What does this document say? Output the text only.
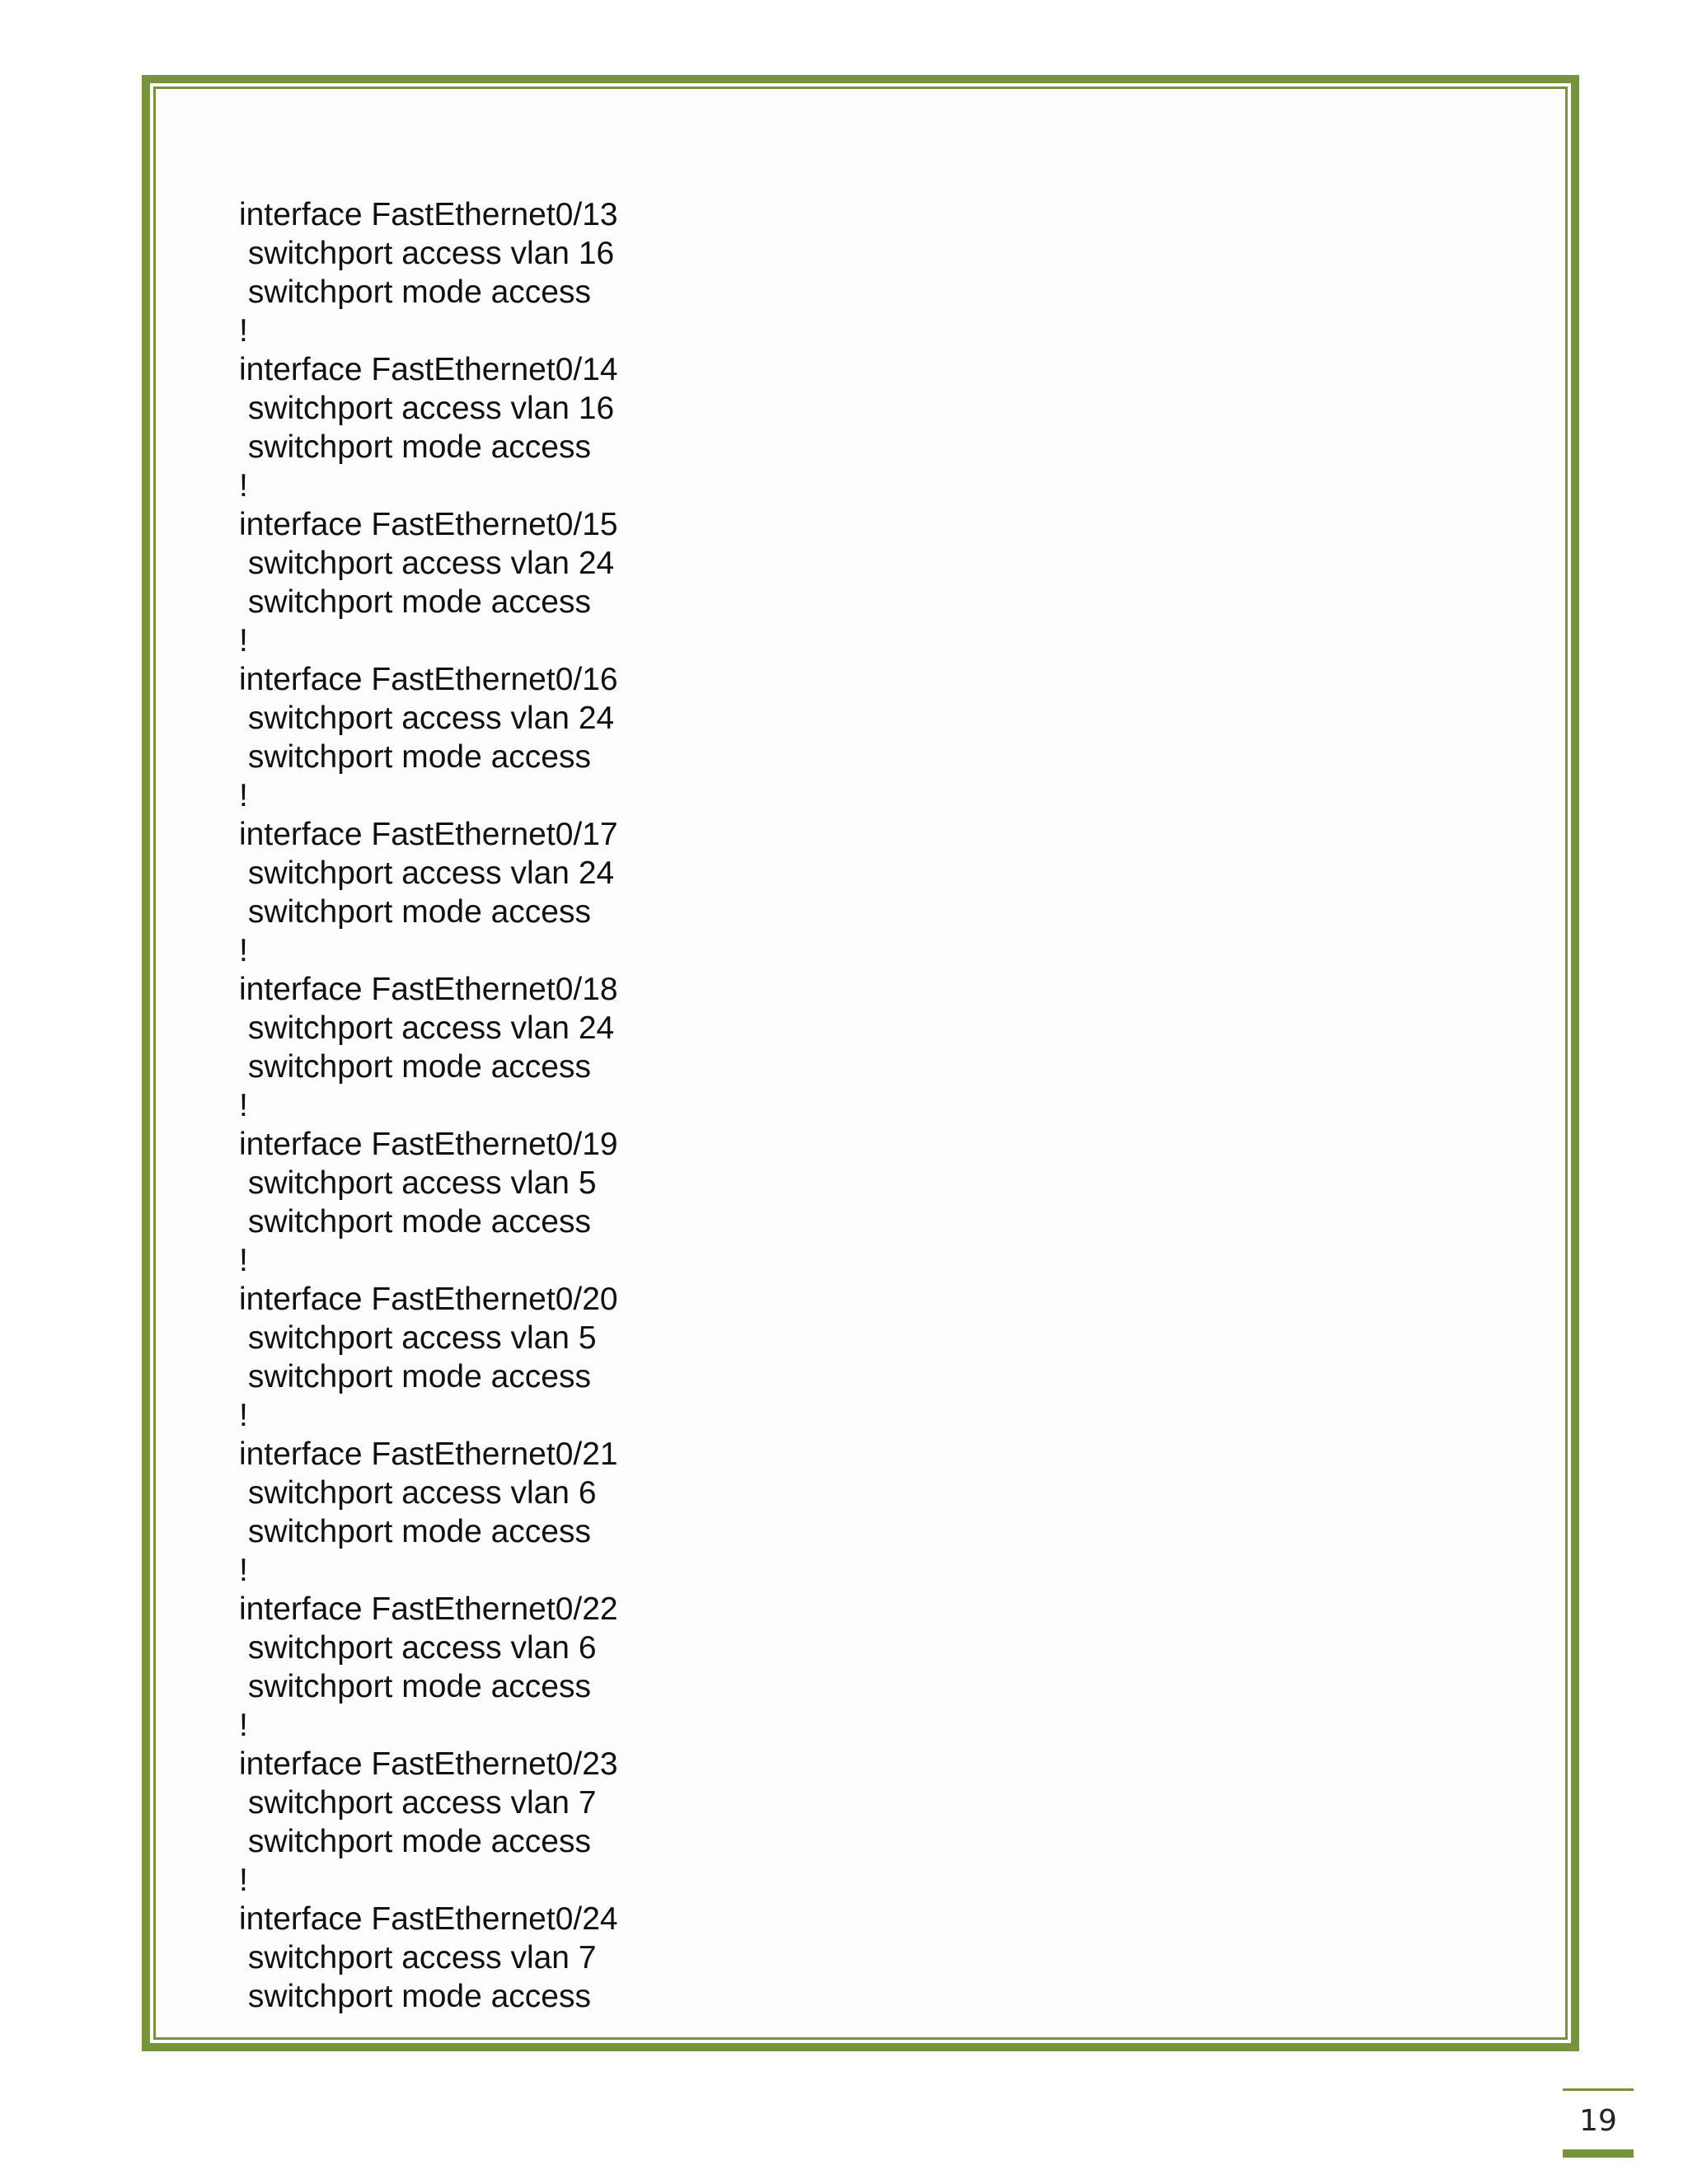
interface FastEthernet0/13
switchport access vlan 16
switchport mode access
!
interface FastEthernet0/14
switchport access vlan 16
switchport mode access
!
interface FastEthernet0/15
switchport access vlan 24
switchport mode access
!
interface FastEthernet0/16
switchport access vlan 24
switchport mode access
!
interface FastEthernet0/17
switchport access vlan 24
switchport mode access
!
interface FastEthernet0/18
switchport access vlan 24
switchport mode access
!
interface FastEthernet0/19
switchport access vlan 5
switchport mode access
!
interface FastEthernet0/20
switchport access vlan 5
switchport mode access
!
interface FastEthernet0/21
switchport access vlan 6
switchport mode access
!
interface FastEthernet0/22
switchport access vlan 6
switchport mode access
!
interface FastEthernet0/23
switchport access vlan 7
switchport mode access
!
interface FastEthernet0/24
switchport access vlan 7
switchport mode access
19
